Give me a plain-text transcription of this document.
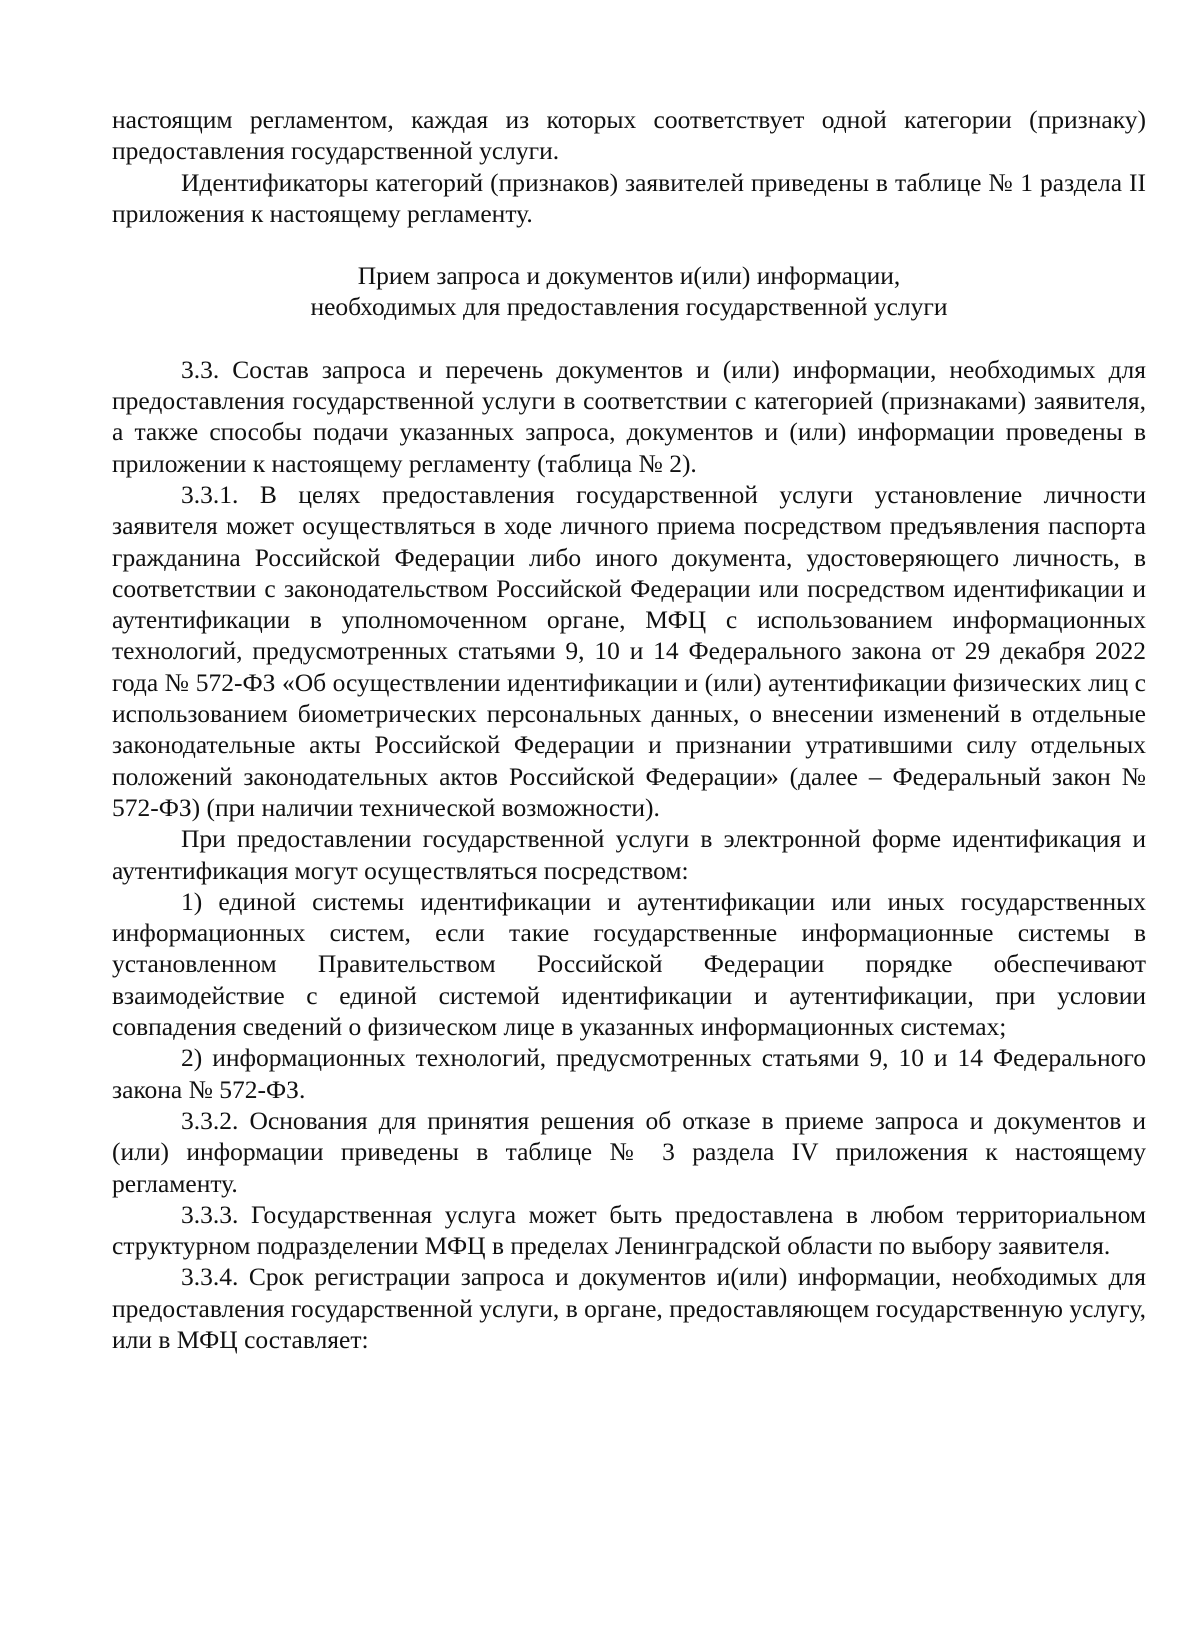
настоящим регламентом, каждая из которых соответствует одной категории (признаку) предоставления государственной услуги.

Идентификаторы категорий (признаков) заявителей приведены в таблице № 1 раздела II приложения к настоящему регламенту.

Прием запроса и документов и(или) информации,
необходимых для предоставления государственной услуги

3.3. Состав запроса и перечень документов и (или) информации, необходимых для предоставления государственной услуги в соответствии с категорией (признаками) заявителя, а также способы подачи указанных запроса, документов и (или) информации проведены в приложении к настоящему регламенту (таблица № 2).

3.3.1. В целях предоставления государственной услуги установление личности заявителя может осуществляться в ходе личного приема посредством предъявления паспорта гражданина Российской Федерации либо иного документа, удостоверяющего личность, в соответствии с законодательством Российской Федерации или посредством идентификации и аутентификации в уполномоченном органе, МФЦ с использованием информационных технологий, предусмотренных статьями 9, 10 и 14 Федерального закона от 29 декабря 2022 года № 572-ФЗ «Об осуществлении идентификации и (или) аутентификации физических лиц с использованием биометрических персональных данных, о внесении изменений в отдельные законодательные акты Российской Федерации и признании утратившими силу отдельных положений законодательных актов Российской Федерации» (далее – Федеральный закон № 572-ФЗ) (при наличии технической возможности).

При предоставлении государственной услуги в электронной форме идентификация и аутентификация могут осуществляться посредством:

1) единой системы идентификации и аутентификации или иных государственных информационных систем, если такие государственные информационные системы в установленном Правительством Российской Федерации порядке обеспечивают взаимодействие с единой системой идентификации и аутентификации, при условии совпадения сведений о физическом лице в указанных информационных системах;

2) информационных технологий, предусмотренных статьями 9, 10 и 14 Федерального закона № 572-ФЗ.

3.3.2. Основания для принятия решения об отказе в приеме запроса и документов и (или) информации приведены в таблице № 3 раздела IV приложения к настоящему регламенту.

3.3.3. Государственная услуга может быть предоставлена в любом территориальном структурном подразделении МФЦ в пределах Ленинградской области по выбору заявителя.

3.3.4. Срок регистрации запроса и документов и(или) информации, необходимых для предоставления государственной услуги, в органе, предоставляющем государственную услугу, или в МФЦ составляет:
